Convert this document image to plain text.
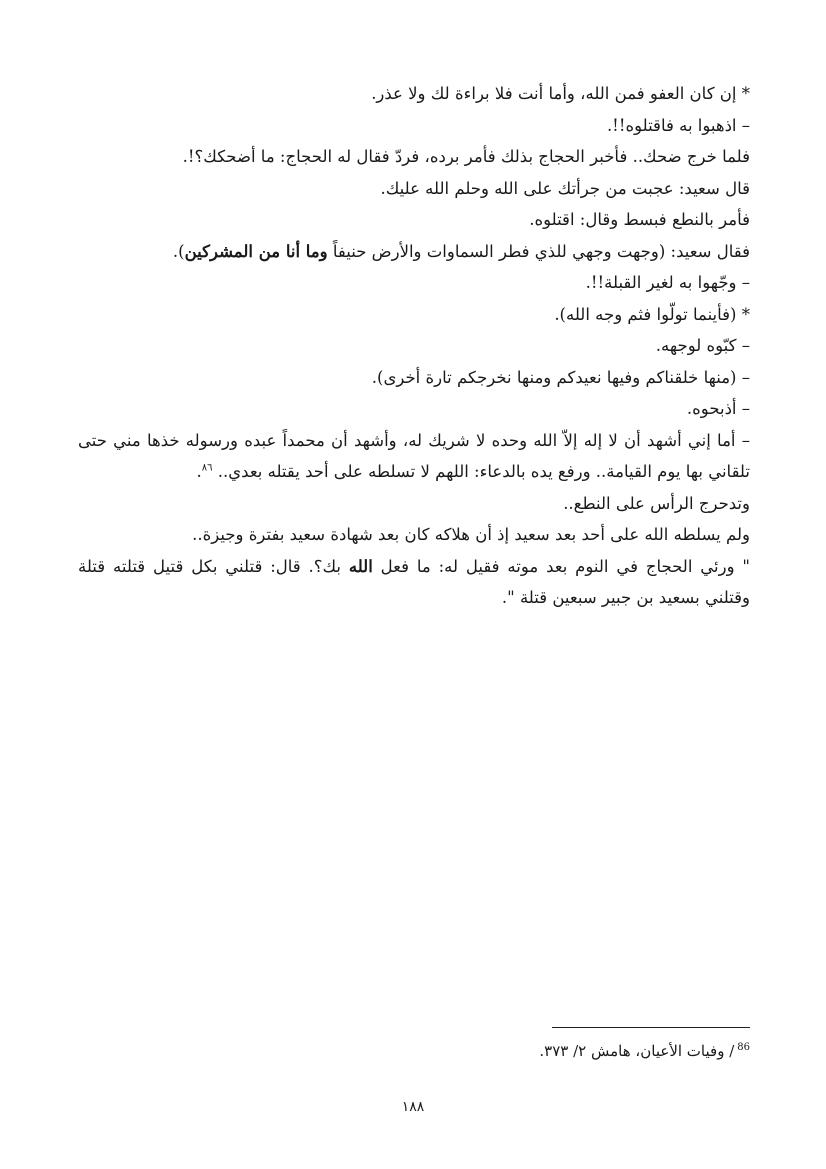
* إن كان العفو فمن الله، وأما أنت فلا براءة لك ولا عذر.
– اذهبوا به فاقتلوه!!.
فلما خرج ضحك.. فأخبر الحجاج بذلك فأمر برده، فردّ فقال له الحجاج: ما أضحكك؟!.
قال سعيد: عجبت من جرأتك على الله وحلم الله عليك.
فأمر بالنطع فبسط وقال: اقتلوه.
فقال سعيد: (وجهت وجهي للذي فطر السماوات والأرض حنيفاً وما أنا من المشركين).
– وجّهوا به لغير القبلة!!.
* (فأينما تولّوا فثم وجه الله).
– كبّوه لوجهه.
– (منها خلقناكم وفيها نعيدكم ومنها نخرجكم تارة أخرى).
– أذبحوه.
– أما إني أشهد أن لا إله إلاّ الله وحده لا شريك له، وأشهد أن محمداً عبده ورسوله خذها مني حتى تلقاني بها يوم القيامة.. ورفع يده بالدعاء: اللهم لا تسلطه على أحد يقتله بعدي.. $^{٨٦}$.
وتدحرج الرأس على النطع..
ولم يسلطه الله على أحد بعد سعيد إذ أن هلاكه كان بعد شهادة سعيد بفترة وجيزة..
" ورئي الحجاج في النوم بعد موته فقيل له: ما فعل الله بك؟. قال: قتلني بكل قتيل قتلته قتلة وقتلني بسعيد بن جبير سبعين قتلة ".
$^{86}$/ وفيات الأعيان، هامش ٢/ ٣٧٣.
١٨٨
